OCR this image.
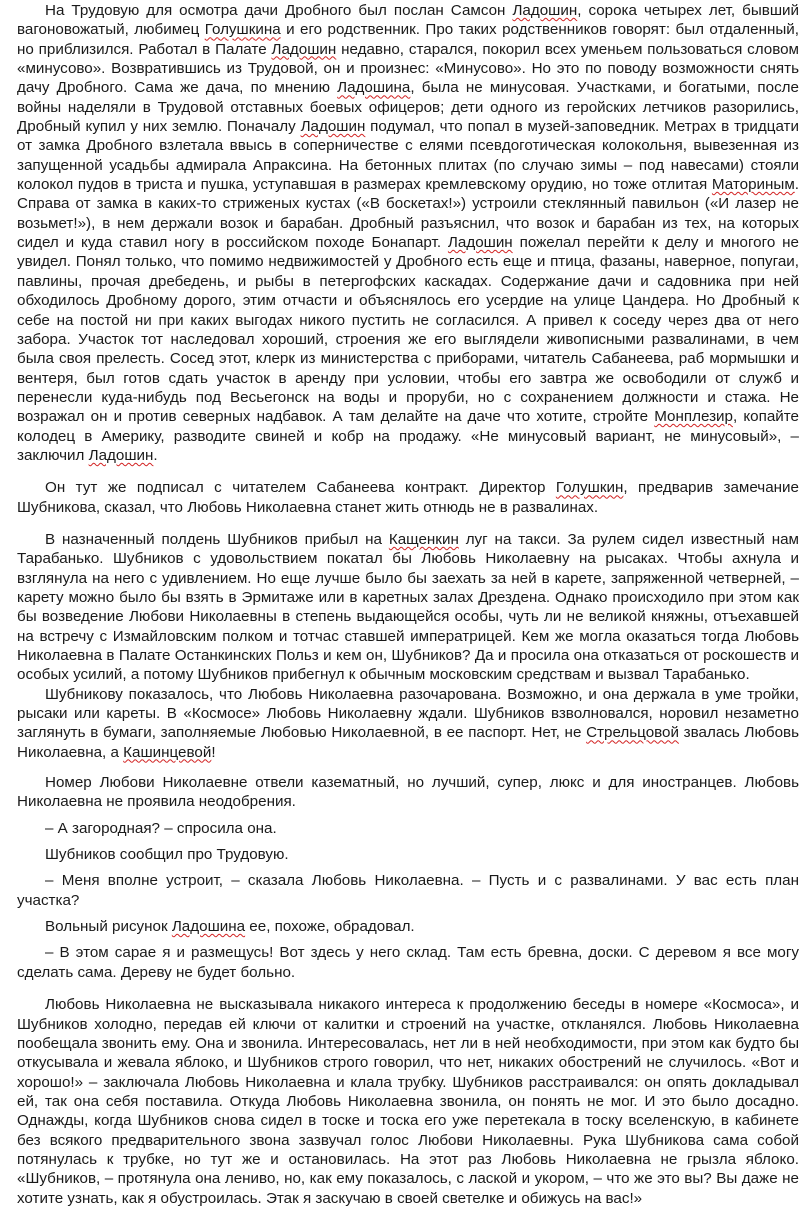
На Трудовую для осмотра дачи Дробного был послан Самсон Ладошин, сорока четырех лет, бывший вагоновожатый, любимец Голушкина и его родственник. Про таких родственников говорят: был отдаленный, но приблизился. Работал в Палате Ладошин недавно, старался, покорил всех уменьем пользоваться словом «минусово». Возвратившись из Трудовой, он и произнес: «Минусово». Но это по поводу возможности снять дачу Дробного. Сама же дача, по мнению Ладошина, была не минусовая. Участками, и богатыми, после войны наделяли в Трудовой отставных боевых офицеров; дети одного из геройских летчиков разорились, Дробный купил у них землю. Поначалу Ладошин подумал, что попал в музей-заповедник. Метрах в тридцати от замка Дробного взлетала ввысь в соперничестве с елями псевдоготическая колокольня, вывезенная из запущенной усадьбы адмирала Апраксина. На бетонных плитах (по случаю зимы – под навесами) стояли колокол пудов в триста и пушка, уступавшая в размерах кремлевскому орудию, но тоже отлитая Маториным. Справа от замка в каких-то стриженых кустах («В боскетах!») устроили стеклянный павильон («И лазер не возьмет!»), в нем держали возок и барабан. Дробный разъяснил, что возок и барабан из тех, на которых сидел и куда ставил ногу в российском походе Бонапарт. Ладошин пожелал перейти к делу и многого не увидел. Понял только, что помимо недвижимостей у Дробного есть еще и птица, фазаны, наверное, попугаи, павлины, прочая дребедень, и рыбы в петергофских каскадах. Содержание дачи и садовника при ней обходилось Дробному дорого, этим отчасти и объяснялось его усердие на улице Цандера. Но Дробный к себе на постой ни при каких выгодах никого пустить не согласился. А привел к соседу через два от него забора. Участок тот наследовал хороший, строения же его выглядели живописными развалинами, в чем была своя прелесть. Сосед этот, клерк из министерства с приборами, читатель Сабанеева, раб мормышки и вентеря, был готов сдать участок в аренду при условии, чтобы его завтра же освободили от служб и перенесли куда-нибудь под Весьегонск на воды и проруби, но с сохранением должности и стажа. Не возражал он и против северных надбавок. А там делайте на даче что хотите, стройте Монплезир, копайте колодец в Америку, разводите свиней и кобр на продажу. «Не минусовый вариант, не минусовый», – заключил Ладошин.

Он тут же подписал с читателем Сабанеева контракт. Директор Голушкин, предварив замечание Шубникова, сказал, что Любовь Николаевна станет жить отнюдь не в развалинах.

В назначенный полдень Шубников прибыл на Кащенкин луг на такси. За рулем сидел известный нам Тарабанько. Шубников с удовольствием покатал бы Любовь Николаевну на рысаках. Чтобы ахнула и взглянула на него с удивлением. Но еще лучше было бы заехать за ней в карете, запряженной четверней, – карету можно было бы взять в Эрмитаже или в каретных залах Дрездена. Однако происходило при этом как бы возведение Любови Николаевны в степень выдающейся особы, чуть ли не великой княжны, отъехавшей на встречу с Измайловским полком и тотчас ставшей императрицей. Кем же могла оказаться тогда Любовь Николаевна в Палате Останкинских Польз и кем он, Шубников? Да и просила она отказаться от роскошеств и особых усилий, а потому Шубников прибегнул к обычным московским средствам и вызвал Тарабанько.

Шубникову показалось, что Любовь Николаевна разочарована. Возможно, и она держала в уме тройки, рысаки или кареты. В «Космосе» Любовь Николаевну ждали. Шубников взволновался, норовил незаметно заглянуть в бумаги, заполняемые Любовью Николаевной, в ее паспорт. Нет, не Стрельцовой звалась Любовь Николаевна, а Кашинцевой!

Номер Любови Николаевне отвели казематный, но лучший, супер, люкс и для иностранцев. Любовь Николаевна не проявила неодобрения.

– А загородная? – спросила она.

Шубников сообщил про Трудовую.

– Меня вполне устроит, – сказала Любовь Николаевна. – Пусть и с развалинами. У вас есть план участка?

Вольный рисунок Ладошина ее, похоже, обрадовал.

– В этом сарае я и размещусь! Вот здесь у него склад. Там есть бревна, доски. С деревом я все могу сделать сама. Дереву не будет больно.

Любовь Николаевна не высказывала никакого интереса к продолжению беседы в номере «Космоса», и Шубников холодно, передав ей ключи от калитки и строений на участке, откланялся. Любовь Николаевна пообещала звонить ему. Она и звонила. Интересовалась, нет ли в ней необходимости, при этом как будто бы откусывала и жевала яблоко, и Шубников строго говорил, что нет, никаких обострений не случилось. «Вот и хорошо!» – заключала Любовь Николаевна и клала трубку. Шубников расстраивался: он опять докладывал ей, так она себя поставила. Откуда Любовь Николаевна звонила, он понять не мог. И это было досадно. Однажды, когда Шубников снова сидел в тоске и тоска его уже перетекала в тоску вселенскую, в кабинете без всякого предварительного звона зазвучал голос Любови Николаевны. Рука Шубникова сама собой потянулась к трубке, но тут же и остановилась. На этот раз Любовь Николаевна не грызла яблоко. «Шубников, – протянула она лениво, но, как ему показалось, с лаской и укором, – что же это вы? Вы даже не хотите узнать, как я обустроилась. Этак я заскучаю в своей светелке и обижусь на вас!»
